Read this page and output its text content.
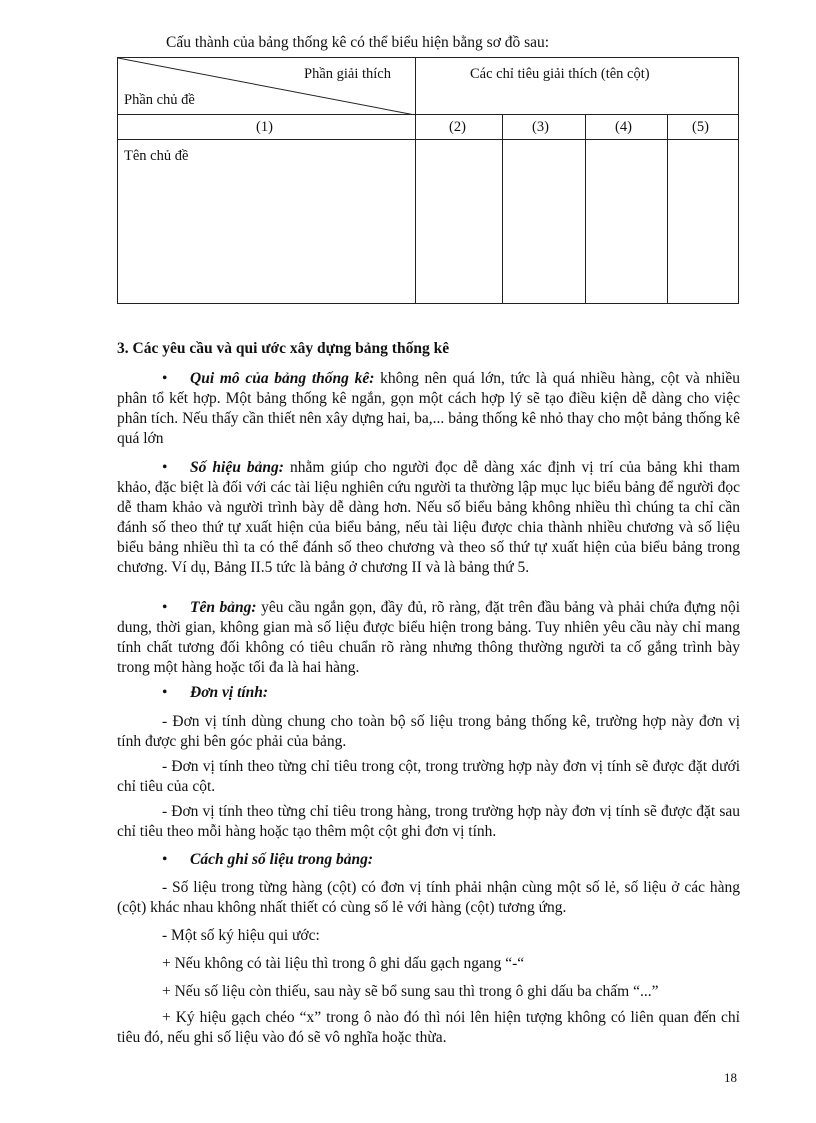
Cấu thành của bảng thống kê có thể biểu hiện bằng sơ đồ sau:
Phần giải thích
Phần chủ đề
Các chỉ tiêu giải thích (tên cột)
(1)	(2)	(3)	(4)	(5)
Tên chủ đề
3. Các yêu cầu và qui ước xây dựng bảng thống kê
• Qui mô của bảng thống kê: không nên quá lớn, tức là quá nhiều hàng, cột và nhiều phân tổ kết hợp. Một bảng thống kê ngắn, gọn một cách hợp lý sẽ tạo điều kiện dễ dàng cho việc phân tích. Nếu thấy cần thiết nên xây dựng hai, ba,... bảng thống kê nhỏ thay cho một bảng thống kê quá lớn
• Số hiệu bảng: nhằm giúp cho người đọc dễ dàng xác định vị trí của bảng khi tham khảo, đặc biệt là đối với các tài liệu nghiên cứu người ta thường lập mục lục biểu bảng để người đọc dễ tham khảo và người trình bày dễ dàng hơn. Nếu số biểu bảng không nhiều thì chúng ta chỉ cần đánh số theo thứ tự xuất hiện của biểu bảng, nếu tài liệu được chia thành nhiều chương và số liệu biểu bảng nhiều thì ta có thể đánh số theo chương và theo số thứ tự xuất hiện của biểu bảng trong chương. Ví dụ, Bảng II.5 tức là bảng ở chương II và là bảng thứ 5.
• Tên bảng: yêu cầu ngắn gọn, đầy đủ, rõ ràng, đặt trên đầu bảng và phải chứa đựng nội dung, thời gian, không gian mà số liệu được biểu hiện trong bảng. Tuy nhiên yêu cầu này chỉ mang tính chất tương đối không có tiêu chuẩn rõ ràng nhưng thông thường người ta cố gắng trình bày trong một hàng hoặc tối đa là hai hàng.
• Đơn vị tính:
- Đơn vị tính dùng chung cho toàn bộ số liệu trong bảng thống kê, trường hợp này đơn vị tính được ghi bên góc phải của bảng.
- Đơn vị tính theo từng chỉ tiêu trong cột, trong trường hợp này đơn vị tính sẽ được đặt dưới chỉ tiêu của cột.
- Đơn vị tính theo từng chỉ tiêu trong hàng, trong trường hợp này đơn vị tính sẽ được đặt sau chỉ tiêu theo mỗi hàng hoặc tạo thêm một cột ghi đơn vị tính.
• Cách ghi số liệu trong bảng:
- Số liệu trong từng hàng (cột) có đơn vị tính phải nhận cùng một số lẻ, số liệu ở các hàng (cột) khác nhau không nhất thiết có cùng số lẻ với hàng (cột) tương ứng.
- Một số ký hiệu qui ước:
+ Nếu không có tài liệu thì trong ô ghi dấu gạch ngang “-“
+ Nếu số liệu còn thiếu, sau này sẽ bổ sung sau thì trong ô ghi dấu ba chấm “...”
+ Ký hiệu gạch chéo “x” trong ô nào đó thì nói lên hiện tượng không có liên quan đến chỉ tiêu đó, nếu ghi số liệu vào đó sẽ vô nghĩa hoặc thừa.
18
